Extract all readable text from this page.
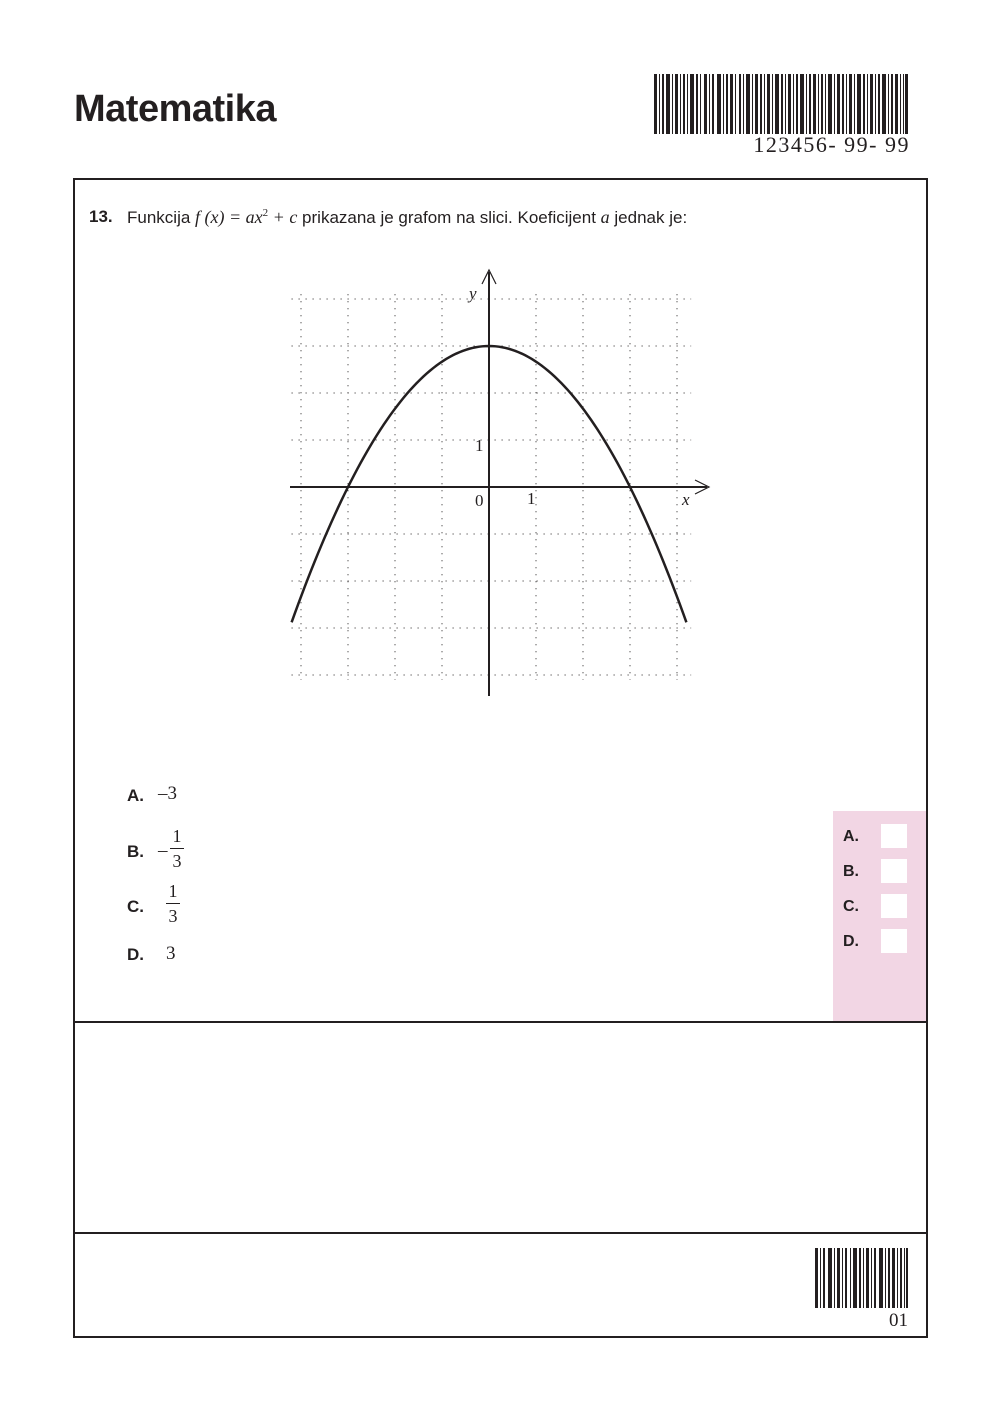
Matematika
123456- 99- 99
13. Funkcija f $(x) = ax^2 + c$ prikazana je grafom na slici. Koeficijent a jednak je:
y
x
0	1
1
A. –3
B. –
1
3
C.
1
3
D. 3
A.
B.
C.
D.
01
